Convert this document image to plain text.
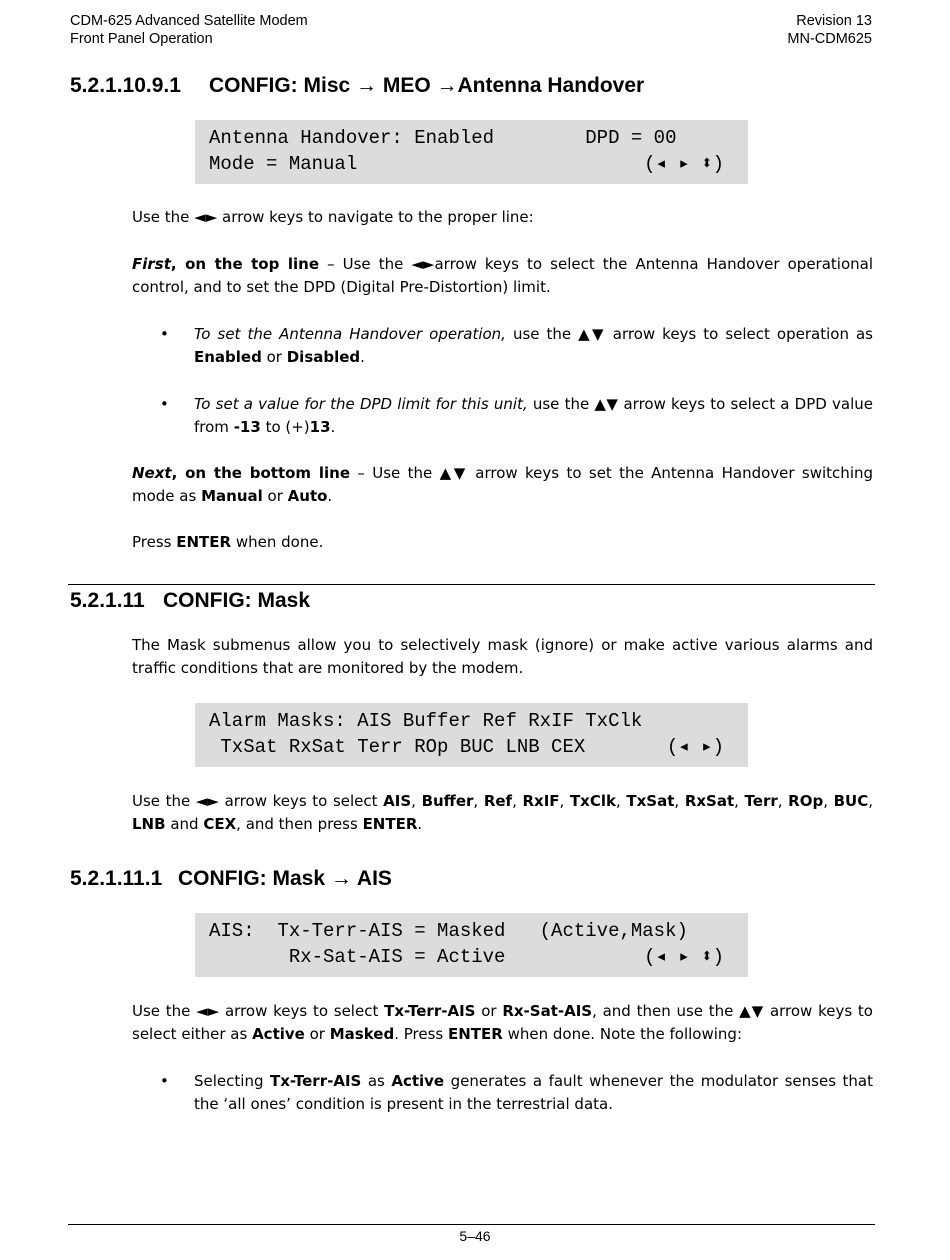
CDM-625 Advanced Satellite Modem
Front Panel Operation
Revision 13
MN-CDM625
5.2.1.10.9.1 CONFIG: Misc → MEO →Antenna Handover
Antenna Handover: Enabled        DPD = 00
Mode = Manual	(◂ ▸ ⬍)
Use the ◄► arrow keys to navigate to the proper line:
First, on the top line – Use the ◄►arrow keys to select the Antenna Handover operational control, and to set the DPD (Digital Pre-Distortion) limit.
• To set the Antenna Handover operation, use the ▲▼ arrow keys to select operation as Enabled or Disabled.
• To set a value for the DPD limit for this unit, use the ▲▼ arrow keys to select a DPD value from -13 to (+)13.
Next, on the bottom line – Use the ▲▼ arrow keys to set the Antenna Handover switching mode as Manual or Auto.
Press ENTER when done.
5.2.1.11 CONFIG: Mask
The Mask submenus allow you to selectively mask (ignore) or make active various alarms and traffic conditions that are monitored by the modem.
Alarm Masks: AIS Buffer Ref RxIF TxClk
TxSat RxSat Terr ROp BUC LNB CEX	(◂ ▸)
Use the ◄► arrow keys to select AIS, Buffer, Ref, RxIF, TxClk, TxSat, RxSat, Terr, ROp, BUC, LNB and CEX, and then press ENTER.
5.2.1.11.1 CONFIG: Mask → AIS
AIS:  Tx-Terr-AIS = Masked   (Active,Mask)
Rx-Sat-AIS = Active	(◂ ▸ ⬍)
Use the ◄► arrow keys to select Tx-Terr-AIS or Rx-Sat-AIS, and then use the ▲▼ arrow keys to select either as Active or Masked. Press ENTER when done. Note the following:
• Selecting Tx-Terr-AIS as Active generates a fault whenever the modulator senses that the ‘all ones’ condition is present in the terrestrial data.
5–46
